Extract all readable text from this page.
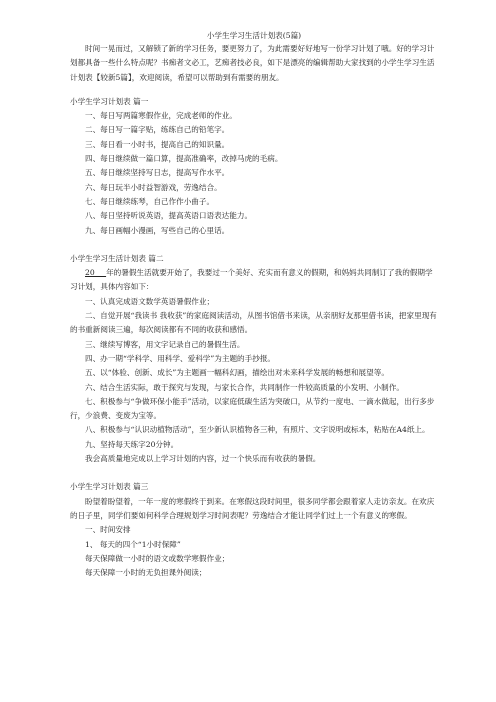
小学生学习生活计划表(5篇)

时间一晃而过，又解锁了新的学习任务，要更努力了，为此需要好好地写一份学习计划了哦。好的学习计划都具备一些什么特点呢？书痴者文必工，艺痴者技必良，如下是漂亮的编辑帮助大家找到的小学生学习生活计划表【较新5篇】，欢迎阅读，希望可以帮助到有需要的朋友。

小学生学习计划表 篇一

一、每日写两篇寒假作业，完成老师的作业。

二、每日写一篇字贴，练练自己的铅笔字。

三、每日看一小时书，提高自己的知识量。

四、每日继续做一篇口算，提高准确率，改掉马虎的毛病。

五、每日继续坚持写日志，提高写作水平。

六、每日玩半小时益智游戏，劳逸结合。

七、每日继续练琴，自己作作小曲子。

八、每日坚持听说英语，提高英语口语表达能力。

九、每日画幅小漫画，写些自己的心里话。

小学生学习生活计划表 篇二

20___年的暑假生活就要开始了，我要过一个美好、充实而有意义的假期，和妈妈共同制订了我的假期学习计划，具体内容如下：

一、认真完成语文数学英语暑假作业；

二、自觉开展“我读书 我收获”的家庭阅读活动，从图书馆借书来读，从亲朋好友那里借书读，把家里现有的书重新阅读三遍，每次阅读都有不同的收获和感悟。

三、继续写博客，用文字记录自己的暑假生活。

四、办一期“学科学、用科学、爱科学”为主题的手抄报。

五、以“体验、创新、成长”为主题画一幅科幻画，描绘出对未来科学发展的畅想和展望等。

六、结合生活实际，敢于探究与发现，与家长合作，共同制作一件较高质量的小发明、小制作。

七、积极参与“争做环保小能手”活动，以家庭低碳生活为突破口，从节约一度电、一滴水做起，出行多步行，少浪费、变废为宝等。

八、积极参与“认识动植物活动”，至少新认识植物各三种，有照片、文字说明或标本，粘贴在A4纸上。

九、坚持每天练字20分钟。

我会高质量地完成以上学习计划的内容，过一个快乐而有收获的暑假。

小学生学习计划表 篇三

盼望着盼望着，一年一度的寒假终于到来。在寒假这段时间里，很多同学都会跟着家人走访亲友。在欢庆的日子里，同学们要如何科学合理规划学习时间表呢？劳逸结合才能让同学们过上一个有意义的寒假。

一、时间安排

1、 每天的四个“1小时保障”

每天保障做一小时的语文或数学寒假作业；

每天保障一小时的无负担课外阅读；
